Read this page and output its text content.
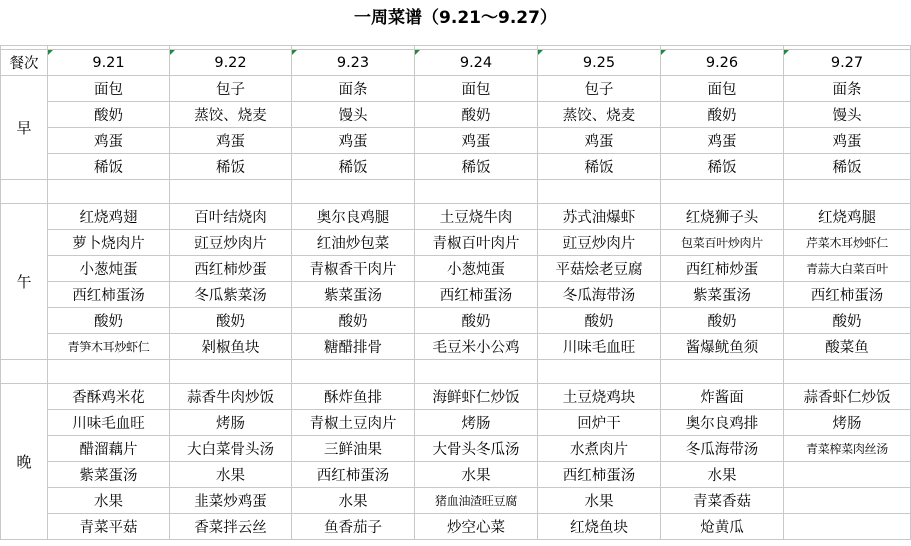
一周菜谱（9.21～9.27）

餐次	9.21	9.22	9.23	9.24	9.25	9.26	9.27

早	面包	包子	面条	面包	包子	面包	面条
	酸奶	蒸饺、烧麦	馒头	酸奶	蒸饺、烧麦	酸奶	馒头
	鸡蛋	鸡蛋	鸡蛋	鸡蛋	鸡蛋	鸡蛋	鸡蛋
	稀饭	稀饭	稀饭	稀饭	稀饭	稀饭	稀饭

午	红烧鸡翅	百叶结烧肉	奥尔良鸡腿	土豆烧牛肉	苏式油爆虾	红烧狮子头	红烧鸡腿
	萝卜烧肉片	豇豆炒肉片	红油炒包菜	青椒百叶肉片	豇豆炒肉片	包菜百叶炒肉片	芹菜木耳炒虾仁
	小葱炖蛋	西红柿炒蛋	青椒香干肉片	小葱炖蛋	平菇烩老豆腐	西红柿炒蛋	青蒜大白菜百叶
	西红柿蛋汤	冬瓜紫菜汤	紫菜蛋汤	西红柿蛋汤	冬瓜海带汤	紫菜蛋汤	西红柿蛋汤
	酸奶	酸奶	酸奶	酸奶	酸奶	酸奶	酸奶
	青笋木耳炒虾仁	剁椒鱼块	糖醋排骨	毛豆米小公鸡	川味毛血旺	酱爆鱿鱼须	酸菜鱼

晚	香酥鸡米花	蒜香牛肉炒饭	酥炸鱼排	海鲜虾仁炒饭	土豆烧鸡块	炸酱面	蒜香虾仁炒饭
	川味毛血旺	烤肠	青椒土豆肉片	烤肠	回炉干	奥尔良鸡排	烤肠
	醋溜藕片	大白菜骨头汤	三鲜油果	大骨头冬瓜汤	水煮肉片	冬瓜海带汤	青菜榨菜肉丝汤
	紫菜蛋汤	水果	西红柿蛋汤	水果	西红柿蛋汤	水果	
	水果	韭菜炒鸡蛋	水果	猪血油渣旺豆腐	水果	青菜香菇	
	青菜平菇	香菜拌云丝	鱼香茄子	炒空心菜	红烧鱼块	炝黄瓜	
